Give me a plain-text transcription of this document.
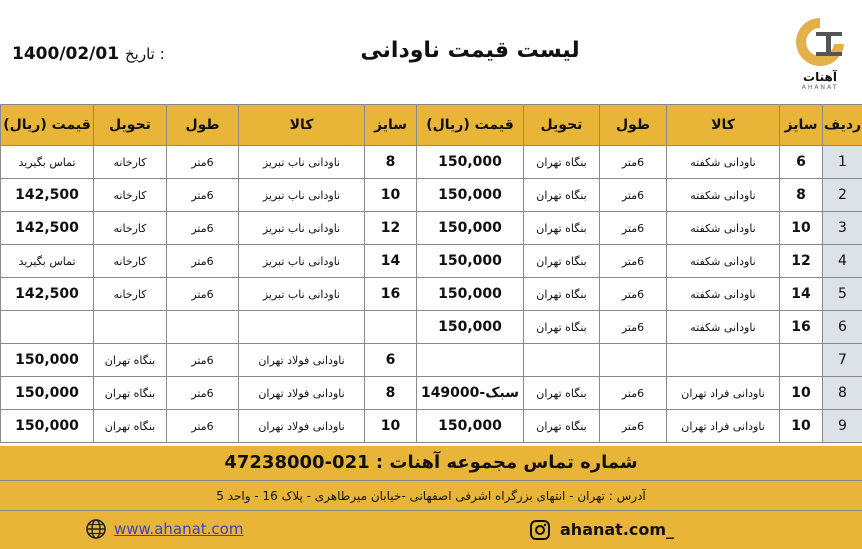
1400/02/01 تاریخ :	لیست قیمت ناودانی
آهنات
AHANAT
ردیف	سایز	کالا	طول	تحویل	قیمت (ریال)	سایز	کالا	طول	تحویل	قیمت (ریال)
1	6	ناودانی شکفته	6متر	بنگاه تهران	150,000	8	ناودانی ناب تبریز	6متر	کارخانه	تماس بگیرید
2	8	ناودانی شکفته	6متر	بنگاه تهران	150,000	10	ناودانی ناب تبریز	6متر	کارخانه	142,500
3	10	ناودانی شکفته	6متر	بنگاه تهران	150,000	12	ناودانی ناب تبریز	6متر	کارخانه	142,500
4	12	ناودانی شکفته	6متر	بنگاه تهران	150,000	14	ناودانی ناب تبریز	6متر	کارخانه	تماس بگیرید
5	14	ناودانی شکفته	6متر	بنگاه تهران	150,000	16	ناودانی ناب تبریز	6متر	کارخانه	142,500
6	16	ناودانی شکفته	6متر	بنگاه تهران	150,000					
7						6	ناودانی فولاد تهران	6متر	بنگاه تهران	150,000
8	10	ناودانی فراد تهران	6متر	بنگاه تهران	سبک-149000	8	ناودانی فولاد تهران	6متر	بنگاه تهران	150,000
9	10	ناودانی فراد تهران	6متر	بنگاه تهران	150,000	10	ناودانی فولاد تهران	6متر	بنگاه تهران	150,000
شماره تماس مجموعه آهنات : 021-47238000
آدرس : تهران - انتهای بزرگراه اشرفی اصفهانی -خیابان میرطاهری - پلاک 16 - واحد 5
www.ahanat.com	ahanat.com_
